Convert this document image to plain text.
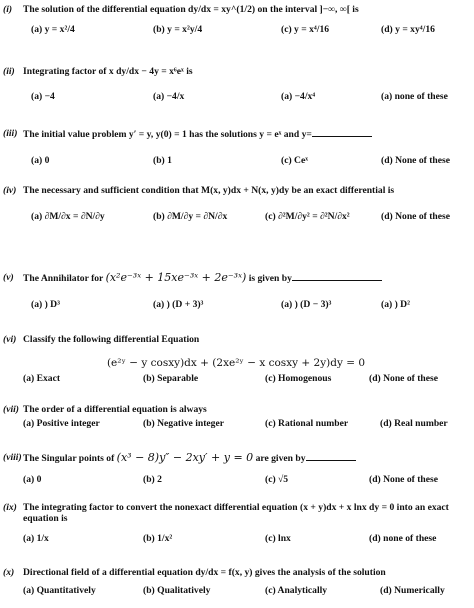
(i)	The solution of the differential equation dy/dx = xy^(1/2) on the interval ]−∞, ∞[ is
(a) y = x²/4	(b) y = x²y/4	(c) y = x⁴/16	(d) y = xy⁴/16
(ii) Integrating factor of x dy/dx − 4y = x⁶eˣ is
(a) −4	(a) −4/x	(a) −4/x⁴	(a) none of these
(iii) The initial value problem y′ = y, y(0) = 1 has the solutions y = eˣ and y=
(a) 0	(b) 1	(c) Ceˣ	(d) None of these
(iv) The necessary and sufficient condition that M(x, y)dx + N(x, y)dy be an exact differential is
(a) ∂M/∂x = ∂N/∂y	(b) ∂M/∂y = ∂N/∂x	(c) ∂²M/∂y² = ∂²N/∂x²	(d) None of these
(v) The Annihilator for (x²e⁻³ˣ + 15xe⁻³ˣ + 2e⁻³ˣ) is given by
(a) ) D³	(a) ) (D + 3)³	(a) ) (D − 3)³	(a) ) D²
(vi) Classify the following differential Equation
(e²ʸ − y cosxy)dx + (2xe²ʸ − x cosxy + 2y)dy = 0
(a) Exact	(b) Separable	(c) Homogenous	(d) None of these
(vii) The order of a differential equation is always
(a) Positive integer	(b) Negative integer	(c) Rational number	(d) Real number
(viii) The Singular points of (x³ − 8)y″ − 2xy′ + y = 0 are given by
(a) 0	(b) 2	(c) √5	(d) None of these
(ix) The integrating factor to convert the nonexact differential equation (x + y)dx + x lnx dy = 0 into an exact equation is
(a) 1/x	(b) 1/x²	(c) lnx	(d) none of these
(x) Directional field of a differential equation dy/dx = f(x, y) gives the analysis of the solution
(a) Quantitatively	(b) Qualitatively	(c) Analytically	(d) Numerically
